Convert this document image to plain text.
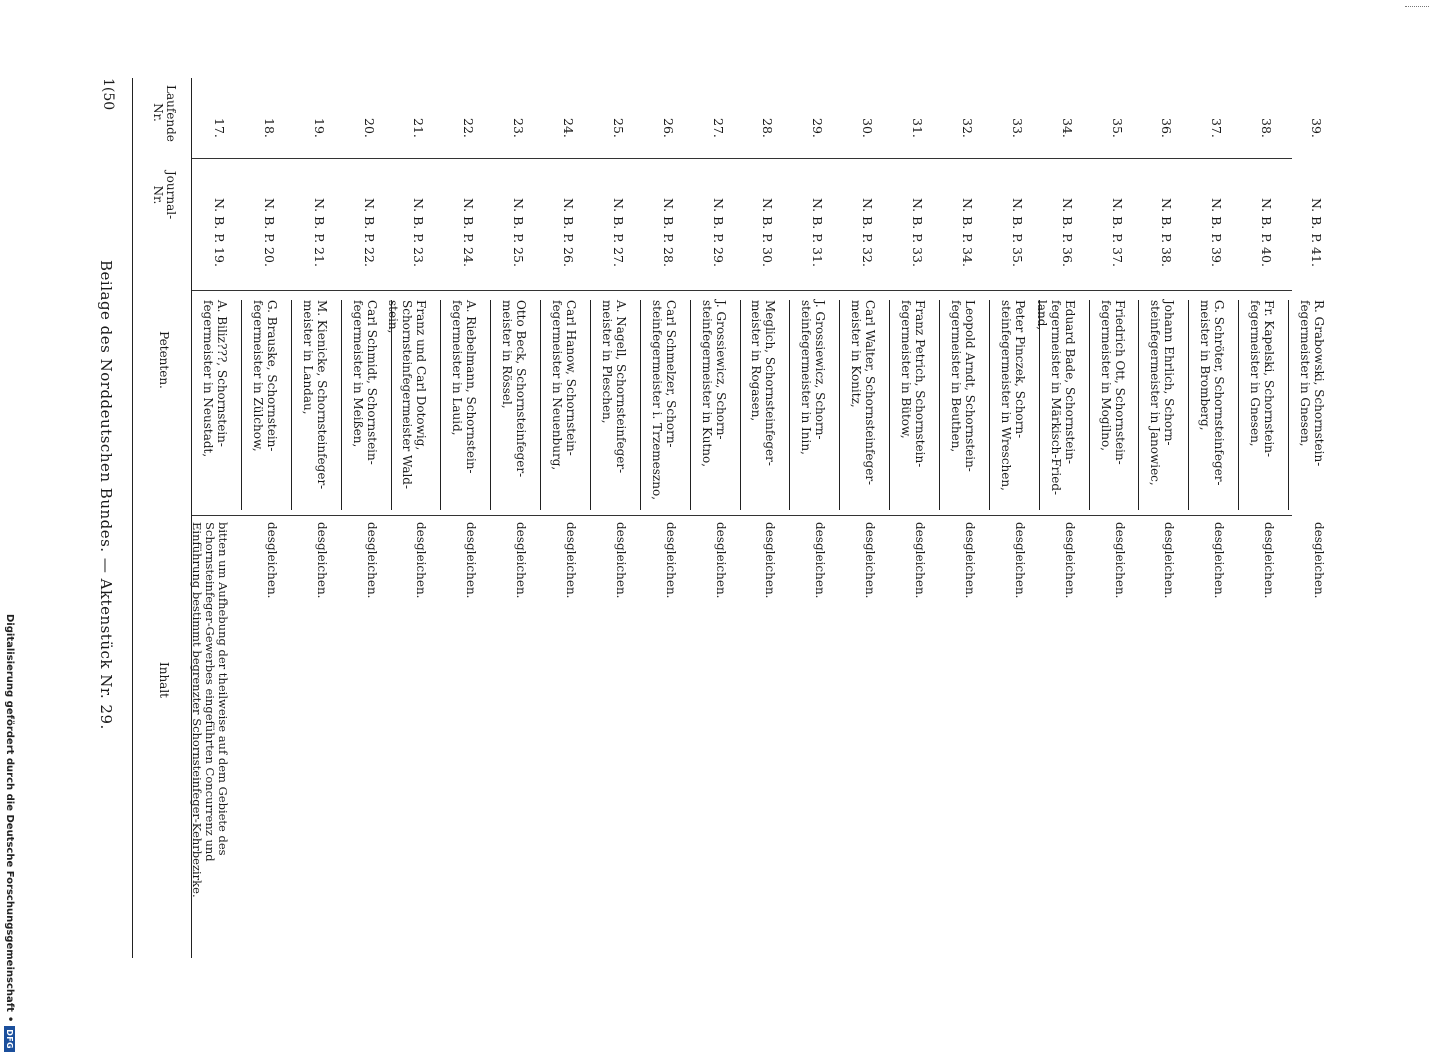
1(50
Beilage des Norddeutschen Bundes. — Aktenstück Nr. 29.
Laufende Nr.
Journal- Nr.
Petenten.
Inhalt
17.
N. B. P. 19.
A. Biliz???, Schornstein- fegermeister in Neustadt,
bitten um Aufhebung der theilweise auf dem Gebiete des Schornsteinfeger-Gewerbes eingeführten Concurrenz und Einführung bestimmt begrenzter Schornsteinfeger-Kehrbezirke.
18.
N. B. P. 20.
G. Brauske, Schornstein- fegermeister in Zülchow,
desgleichen.
19.
N. B. P. 21.
M. Kienicke, Schornsteinfeger- meister in Landau,
desgleichen.
20.
N. B. P. 22.
Carl Schmidt, Schornstein- fegermeister in Meißen,
desgleichen.
21.
N. B. P. 23.
Franz und Carl Dotowig, Schornsteinfegermeister Wald- stein,
desgleichen.
22.
N. B. P. 24.
A. Riebelmann, Schornstein- fegermeister in Lauid,
desgleichen.
23.
N. B. P. 25.
Otto Beck, Schornsteinfeger- meister in Rössel,
desgleichen.
24.
N. B. P. 26.
Carl Hanow, Schornstein- fegermeister in Neuenburg,
desgleichen.
25.
N. B. P. 27.
A. Nagell, Schornsteinfeger- meister in Pleschen,
desgleichen.
26.
N. B. P. 28.
Carl Schmelzer, Schorn- steinfegermeister i. Trzemeszno,
desgleichen.
27.
N. B. P. 29.
J. Grossiewicz, Schorn- steinfegermeister in Kutno,
desgleichen.
28.
N. B. P. 30.
Meglich, Schornsteinfeger- meister in Rogasen,
desgleichen.
29.
N. B. P. 31.
J. Grossiewicz, Schorn- steinfegermeister in Inin,
desgleichen.
30.
N. B. P. 32.
Carl Walter, Schornsteinfeger- meister in Konitz,
desgleichen.
31.
N. B. P. 33.
Franz Petrich, Schornstein- fegermeister in Bütow,
desgleichen.
32.
N. B. P. 34.
Leopold Arndt, Schornstein- fegermeister in Beuthen,
desgleichen.
33.
N. B. P. 35.
Peter Pinczek, Schorn- steinfegermeister in Wreschen,
desgleichen.
34.
N. B. P. 36.
Eduard Bade, Schornstein- fegermeister in Märkisch-Fried- land,
desgleichen.
35.
N. B. P. 37.
Friedrich Ott, Schornstein- fegermeister in Mogilno,
desgleichen.
36.
N. B. P. 38.
Johann Ehrlich, Schorn- steinfegermeister in Janowiec,
desgleichen.
37.
N. B. P. 39.
G. Schröter, Schornsteinfeger- meister in Bromberg,
desgleichen.
38.
N. B. P. 40.
Fr. Kapelski, Schornstein- fegermeister in Gnesen,
desgleichen.
39.
N. B. P. 41.
R. Grabowski, Schornstein- fegermeister in Gnesen,
desgleichen.
Digitalisierung gefördert durch die Deutsche Forschungsgemeinschaft
•
DFG
